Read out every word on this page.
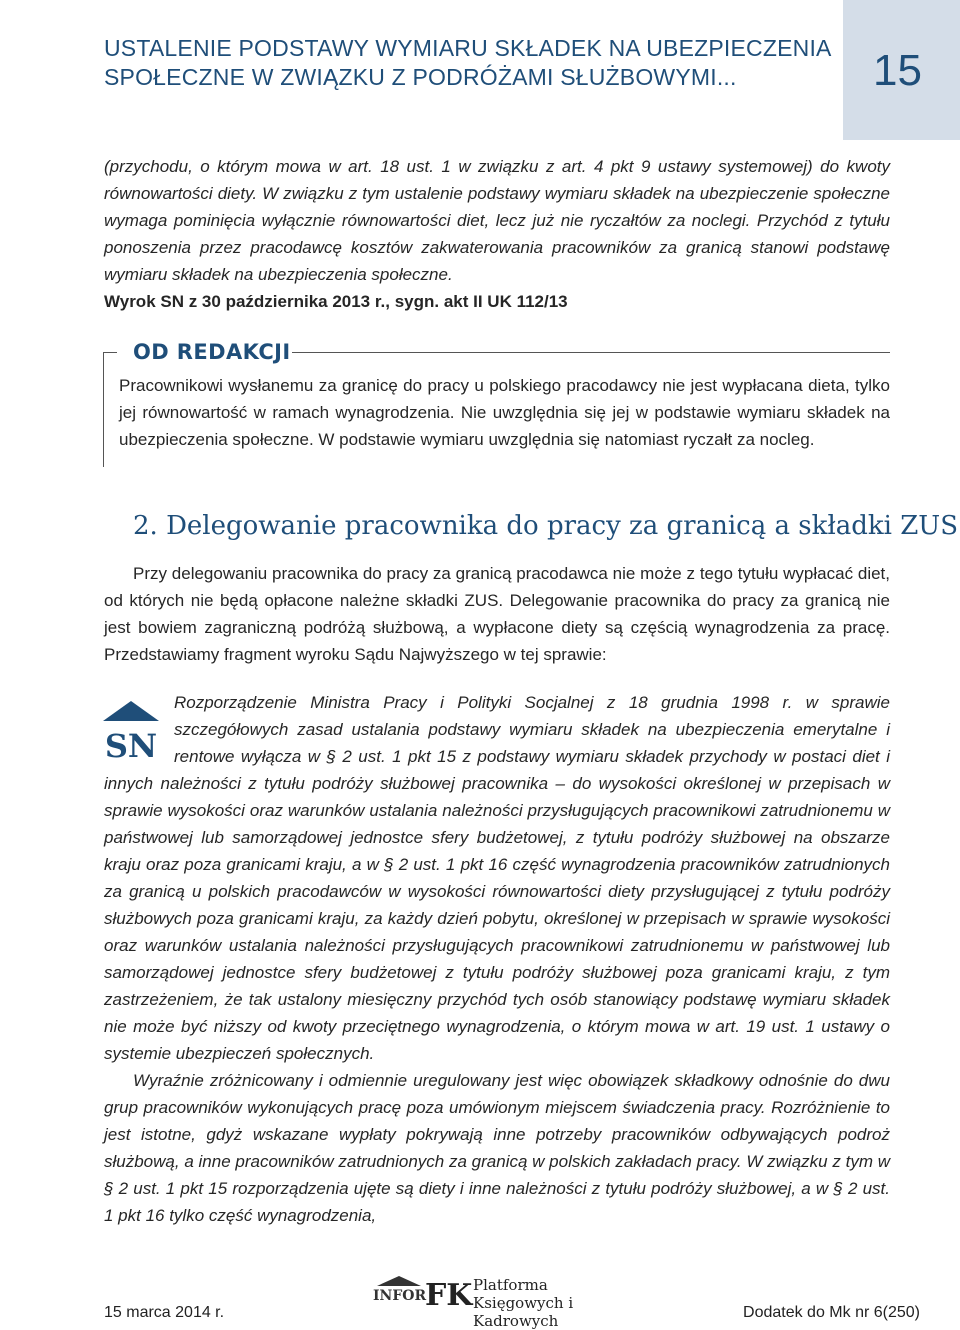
USTALENIE PODSTAWY WYMIARU SKŁADEK NA UBEZPIECZENIA
SPOŁECZNE W ZWIĄZKU Z PODRÓŻAMI SŁUŻBOWYMI...	15
(przychodu, o którym mowa w art. 18 ust. 1 w związku z art. 4 pkt 9 ustawy systemowej) do kwoty równowartości diety. W związku z tym ustalenie podstawy wymiaru składek na ubezpieczenie społeczne wymaga pominięcia wyłącznie równowartości diet, lecz już nie ryczałtów za noclegi. Przychód z tytułu ponoszenia przez pracodawcę kosztów zakwaterowania pracowników za granicą stanowi podstawę wymiaru składek na ubezpieczenia społeczne.
Wyrok SN z 30 października 2013 r., sygn. akt II UK 112/13
OD REDAKCJI
Pracownikowi wysłanemu za granicę do pracy u polskiego pracodawcy nie jest wypłacana dieta, tylko jej równowartość w ramach wynagrodzenia. Nie uwzględnia się jej w podstawie wymiaru składek na ubezpieczenia społeczne. W podstawie wymiaru uwzględnia się natomiast ryczałt za nocleg.
2. Delegowanie pracownika do pracy za granicą a składki ZUS
Przy delegowaniu pracownika do pracy za granicą pracodawca nie może z tego tytułu wypłacać diet, od których nie będą opłacone należne składki ZUS. Delegowanie pracownika do pracy za granicą nie jest bowiem zagraniczną podróżą służbową, a wypłacone diety są częścią wynagrodzenia za pracę. Przedstawiamy fragment wyroku Sądu Najwyższego w tej sprawie:
SN
Rozporządzenie Ministra Pracy i Polityki Socjalnej z 18 grudnia 1998 r. w sprawie szczegółowych zasad ustalania podstawy wymiaru składek na ubezpieczenia emerytalne i rentowe wyłącza w § 2 ust. 1 pkt 15 z podstawy wymiaru składek przychody w postaci diet i innych należności z tytułu podróży służbowej pracownika – do wysokości określonej w przepisach w sprawie wysokości oraz warunków ustalania należności przysługujących pracownikowi zatrudnionemu w państwowej lub samorządowej jednostce sfery budżetowej, z tytułu podróży służbowej na obszarze kraju oraz poza granicami kraju, a w § 2 ust. 1 pkt 16 część wynagrodzenia pracowników zatrudnionych za granicą u polskich pracodawców w wysokości równowartości diety przysługującej z tytułu podróży służbowych poza granicami kraju, za każdy dzień pobytu, określonej w przepisach w sprawie wysokości oraz warunków ustalania należności przysługujących pracownikowi zatrudnionemu w państwowej lub samorządowej jednostce sfery budżetowej z tytułu podróży służbowej poza granicami kraju, z tym zastrzeżeniem, że tak ustalony miesięczny przychód tych osób stanowiący podstawę wymiaru składek nie może być niższy od kwoty przeciętnego wynagrodzenia, o którym mowa w art. 19 ust. 1 ustawy o systemie ubezpieczeń społecznych.
Wyraźnie zróżnicowany i odmiennie uregulowany jest więc obowiązek składkowy odnośnie do dwu grup pracowników wykonujących pracę poza umówionym miejscem świadczenia pracy. Rozróżnienie to jest istotne, gdyż wskazane wypłaty pokrywają inne potrzeby pracowników odbywających podroż służbową, a inne pracowników zatrudnionych za granicą w polskich zakładach pracy. W związku z tym w § 2 ust. 1 pkt 15 rozporządzenia ujęte są diety i inne należności z tytułu podróży służbowej, a w § 2 ust. 1 pkt 16 tylko część wynagrodzenia,
15 marca 2014 r.
INFOR
FK Platforma
Księgowych i Kadrowych	Dodatek do Mk nr 6(250)
